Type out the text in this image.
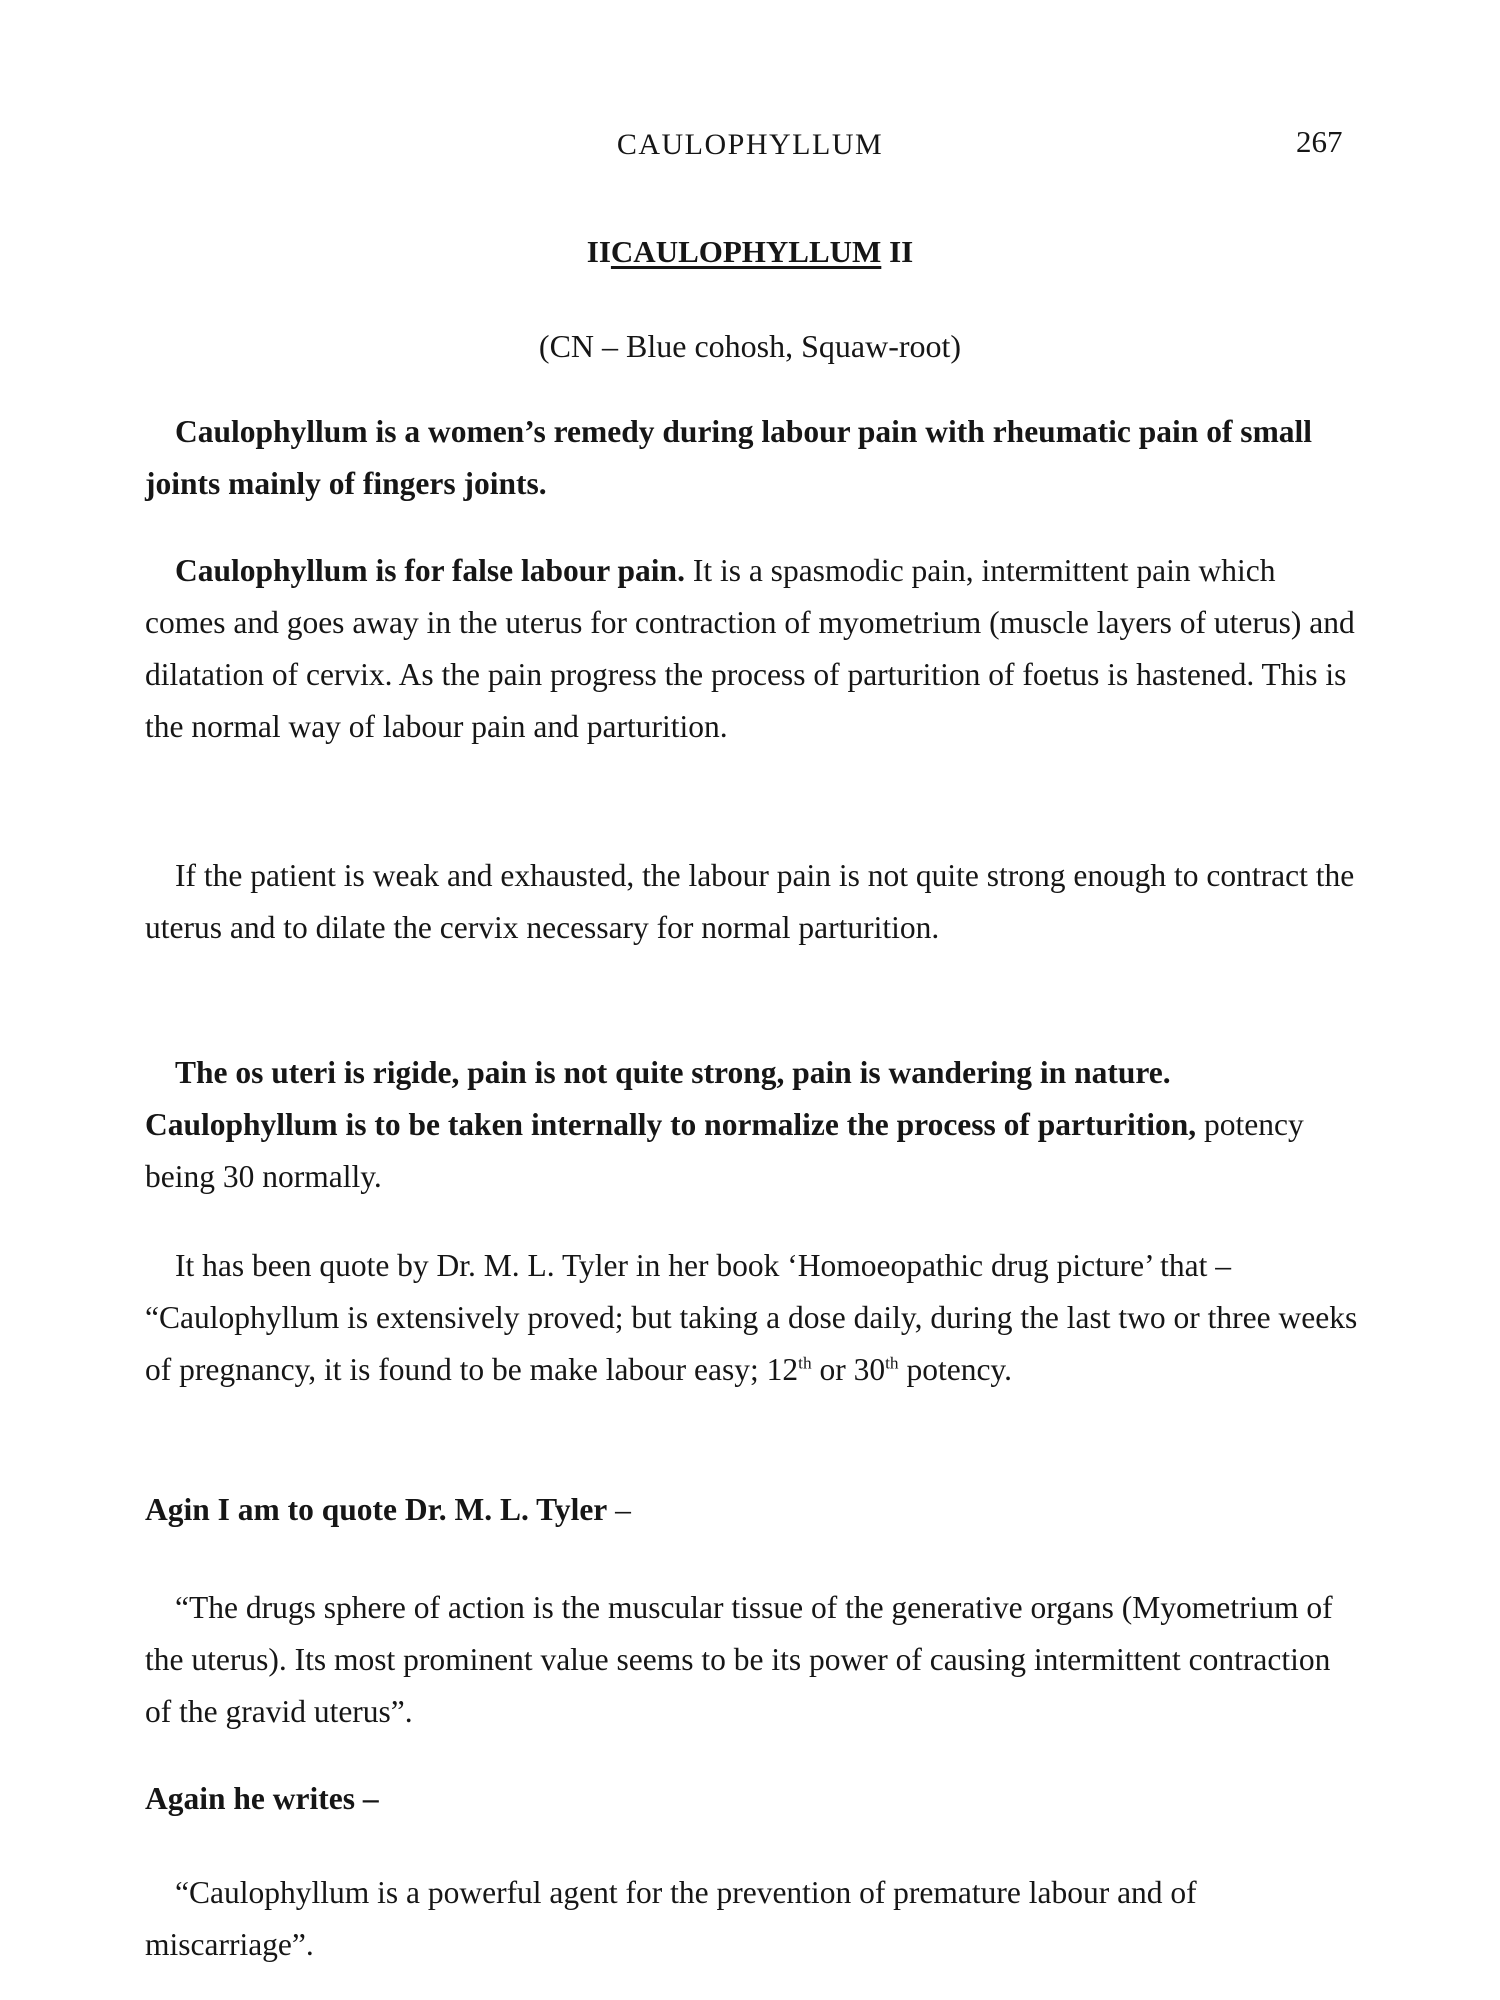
CAULOPHYLLUM	267
IICAULOPHYLLUM II
(CN – Blue cohosh, Squaw-root)

Caulophyllum is a women’s remedy during labour pain with rheumatic pain of small joints mainly of fingers joints.

Caulophyllum is for false labour pain. It is a spasmodic pain, intermittent pain which comes and goes away in the uterus for contraction of myometrium (muscle layers of uterus) and dilatation of cervix. As the pain progress the process of parturition of foetus is hastened. This is the normal way of labour pain and parturition.

If the patient is weak and exhausted, the labour pain is not quite strong enough to contract the uterus and to dilate the cervix necessary for normal parturition.

The os uteri is rigide, pain is not quite strong, pain is wandering in nature. Caulophyllum is to be taken internally to normalize the process of parturition, potency being 30 normally.

It has been quote by Dr. M. L. Tyler in her book ‘Homoeopathic drug picture’ that – “Caulophyllum is extensively proved; but taking a dose daily, during the last two or three weeks of pregnancy, it is found to be make labour easy; 12th or 30th potency.

Agin I am to quote Dr. M. L. Tyler –

“The drugs sphere of action is the muscular tissue of the generative organs (Myometrium of the uterus). Its most prominent value seems to be its power of causing intermittent contraction of the gravid uterus”.

Again he writes –

“Caulophyllum is a powerful agent for the prevention of premature labour and of miscarriage”.
